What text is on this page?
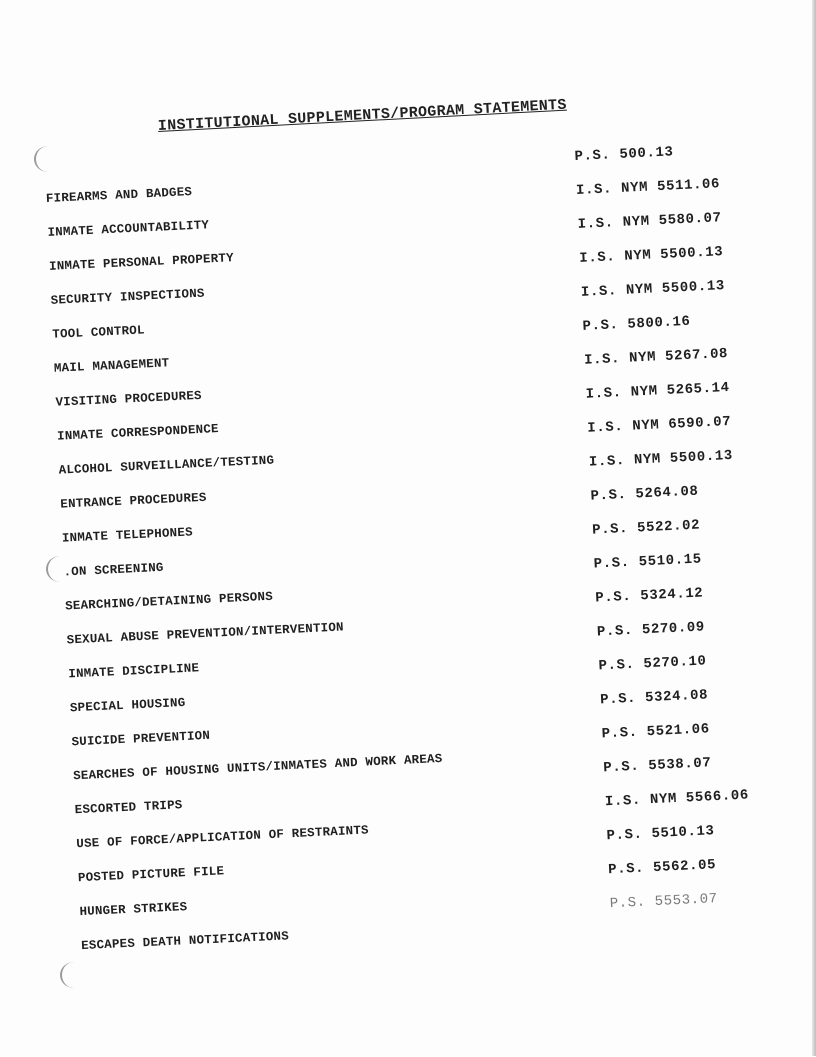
INSTITUTIONAL SUPPLEMENTS/PROGRAM STATEMENTS
FIREARMS AND BADGES
P.S. 500.13
INMATE ACCOUNTABILITY
I.S. NYM 5511.06
INMATE PERSONAL PROPERTY
I.S. NYM 5580.07
SECURITY INSPECTIONS
I.S. NYM 5500.13
TOOL CONTROL
I.S. NYM 5500.13
MAIL MANAGEMENT
P.S. 5800.16
VISITING PROCEDURES
I.S. NYM 5267.08
INMATE CORRESPONDENCE
I.S. NYM 5265.14
ALCOHOL SURVEILLANCE/TESTING
I.S. NYM 6590.07
ENTRANCE PROCEDURES
I.S. NYM 5500.13
INMATE TELEPHONES
P.S. 5264.08
.ON SCREENING
P.S. 5522.02
SEARCHING/DETAINING PERSONS
P.S. 5510.15
SEXUAL ABUSE PREVENTION/INTERVENTION
P.S. 5324.12
INMATE DISCIPLINE
P.S. 5270.09
SPECIAL HOUSING
P.S. 5270.10
SUICIDE PREVENTION
P.S. 5324.08
SEARCHES OF HOUSING UNITS/INMATES AND WORK AREAS
P.S. 5521.06
ESCORTED TRIPS
P.S. 5538.07
USE OF FORCE/APPLICATION OF RESTRAINTS
I.S. NYM 5566.06
POSTED PICTURE FILE
P.S. 5510.13
HUNGER STRIKES
P.S. 5562.05
ESCAPES DEATH NOTIFICATIONS
P.S. 5553.07
